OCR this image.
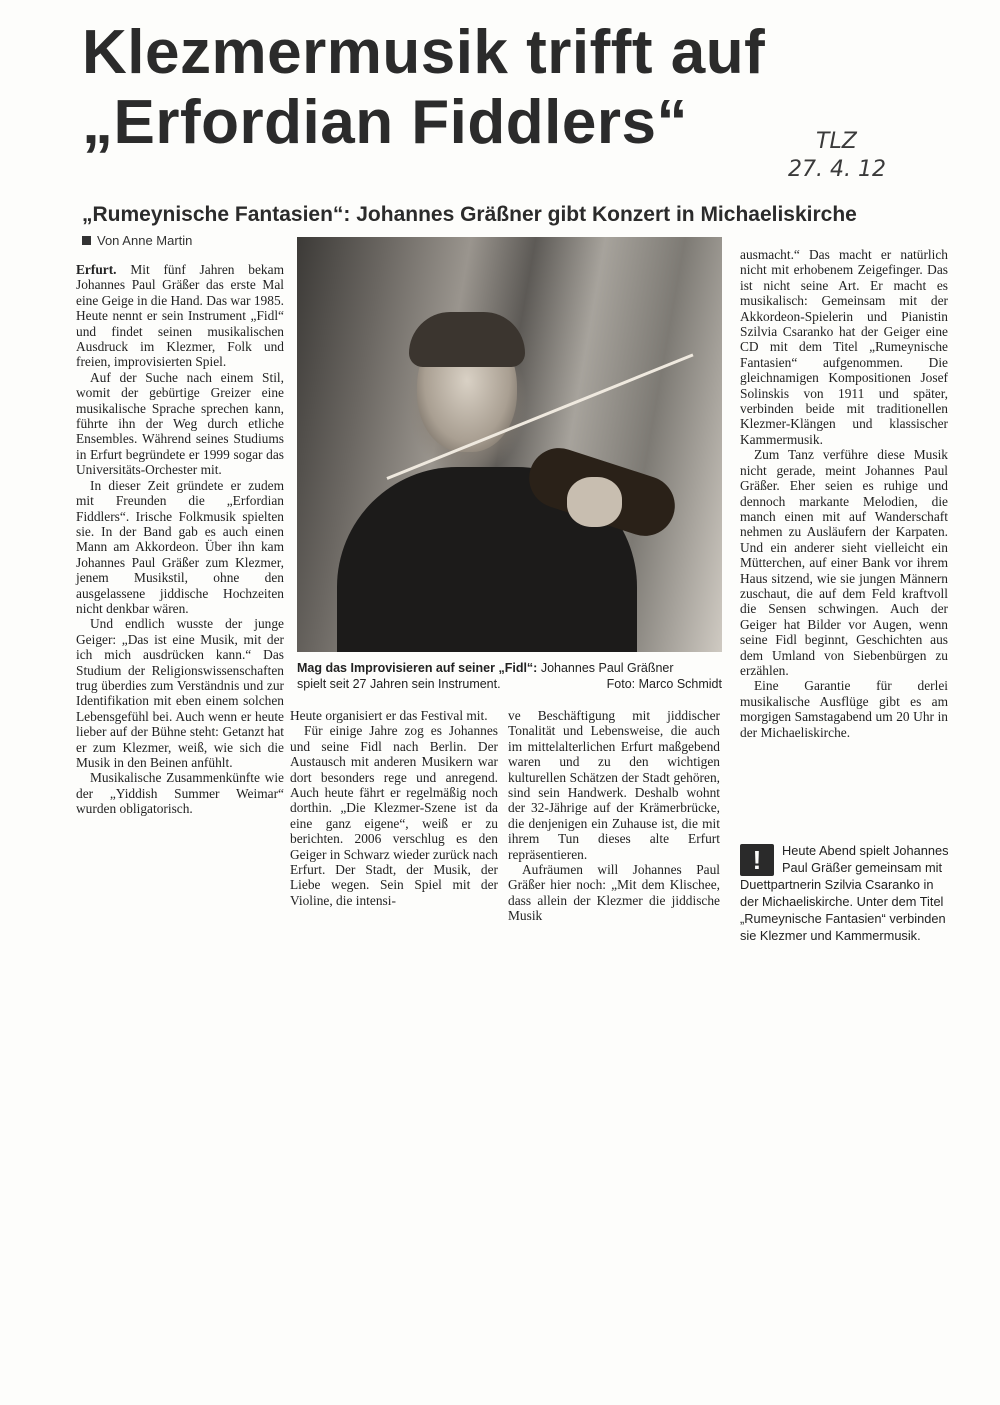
Klezmermusik trifft auf
„Erfordian Fiddlers“	TLZ
27. 4. 12
„Rumeynische Fantasien“: Johannes Gräßner gibt Konzert in Michaeliskirche
Von Anne Martin

Erfurt. Mit fünf Jahren bekam Johannes Paul Gräßer das erste Mal eine Geige in die Hand. Das war 1985. Heute nennt er sein Instrument „Fidl“ und findet seinen musikalischen Ausdruck im Klezmer, Folk und freien, improvisierten Spiel.

Auf der Suche nach einem Stil, womit der gebürtige Greizer eine musikalische Sprache sprechen kann, führte ihn der Weg durch etliche Ensembles. Während seines Studiums in Erfurt begründete er 1999 sogar das Universitäts-Orchester mit.

In dieser Zeit gründete er zudem mit Freunden die „Erfordian Fiddlers“. Irische Folkmusik spielten sie. In der Band gab es auch einen Mann am Akkordeon. Über ihn kam Johannes Paul Gräßer zum Klezmer, jenem Musikstil, ohne den ausgelassene jiddische Hochzeiten nicht denkbar wären.

Und endlich wusste der junge Geiger: „Das ist eine Musik, mit der ich mich ausdrücken kann.“ Das Studium der Religionswissenschaften trug überdies zum Verständnis und zur Identifikation mit eben einem solchen Lebensgefühl bei. Auch wenn er heute lieber auf der Bühne steht: Getanzt hat er zum Klezmer, weiß, wie sich die Musik in den Beinen anfühlt.

Musikalische Zusammenkünfte wie der „Yiddish Summer Weimar“ wurden obligatorisch.

Mag das Improvisieren auf seiner „Fidl“: Johannes Paul Gräßner
spielt seit 27 Jahren sein Instrument.	Foto: Marco Schmidt

Heute organisiert er das Festival mit.

Für einige Jahre zog es Johannes und seine Fidl nach Berlin. Der Austausch mit anderen Musikern war dort besonders rege und anregend. Auch heute fährt er regelmäßig noch dorthin. „Die Klezmer-Szene ist da eine ganz eigene“, weiß er zu berichten. 2006 verschlug es den Geiger in Schwarz wieder zurück nach Erfurt. Der Stadt, der Musik, der Liebe wegen. Sein Spiel mit der Violine, die intensi-

ve Beschäftigung mit jiddischer Tonalität und Lebensweise, die auch im mittelalterlichen Erfurt maßgebend waren und zu den wichtigen kulturellen Schätzen der Stadt gehören, sind sein Handwerk. Deshalb wohnt der 32-Jährige auf der Krämerbrücke, die denjenigen ein Zuhause ist, die mit ihrem Tun dieses alte Erfurt repräsentieren.

Aufräumen will Johannes Paul Gräßer hier noch: „Mit dem Klischee, dass allein der Klezmer die jiddische Musik

ausmacht.“ Das macht er natürlich nicht mit erhobenem Zeigefinger. Das ist nicht seine Art. Er macht es musikalisch: Gemeinsam mit der Akkordeon-Spielerin und Pianistin Szilvia Csaranko hat der Geiger eine CD mit dem Titel „Rumeynische Fantasien“ aufgenommen. Die gleichnamigen Kompositionen Josef Solinskis von 1911 und später, verbinden beide mit traditionellen Klezmer-Klängen und klassischer Kammermusik.

Zum Tanz verführe diese Musik nicht gerade, meint Johannes Paul Gräßer. Eher seien es ruhige und dennoch markante Melodien, die manch einen mit auf Wanderschaft nehmen zu Ausläufern der Karpaten. Und ein anderer sieht vielleicht ein Mütterchen, auf einer Bank vor ihrem Haus sitzend, wie sie jungen Männern zuschaut, die auf dem Feld kraftvoll die Sensen schwingen. Auch der Geiger hat Bilder vor Augen, wenn seine Fidl beginnt, Geschichten aus dem Umland von Siebenbürgen zu erzählen.

Eine Garantie für derlei musikalische Ausflüge gibt es am morgigen Samstagabend um 20 Uhr in der Michaeliskirche.

!	Heute Abend spielt Johannes Paul Gräßer gemeinsam mit Duettpartnerin Szilvia Csaranko in der Michaeliskirche. Unter dem Titel „Rumeynische Fantasien“ verbinden sie Klezmer und Kammermusik.
